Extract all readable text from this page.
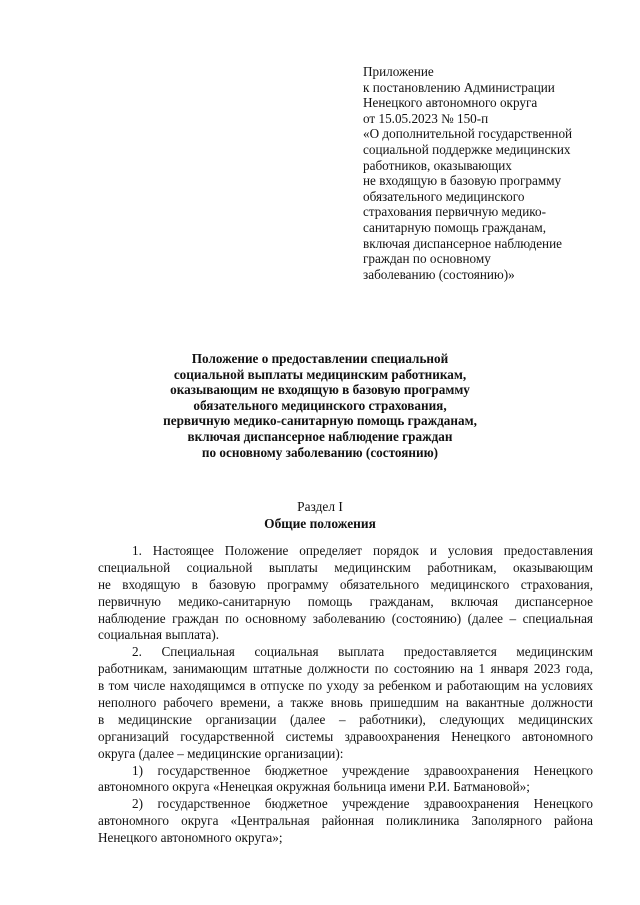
Приложение
к постановлению Администрации
Ненецкого автономного округа
от 15.05.2023 № 150-п
«О дополнительной государственной
социальной поддержке медицинских
работников, оказывающих
не входящую в базовую программу
обязательного медицинского
страхования первичную медико-
санитарную помощь гражданам,
включая диспансерное наблюдение
граждан по основному
заболеванию (состоянию)»
Положение о предоставлении специальной
социальной выплаты медицинским работникам,
оказывающим не входящую в базовую программу
обязательного медицинского страхования,
первичную медико-санитарную помощь гражданам,
включая диспансерное наблюдение граждан
по основному заболеванию (состоянию)
Раздел I
Общие положения
1. Настоящее Положение определяет порядок и условия предоставления
специальной социальной выплаты медицинским работникам, оказывающим
не входящую в базовую программу обязательного медицинского страхования,
первичную медико-санитарную помощь гражданам, включая диспансерное
наблюдение граждан по основному заболеванию (состоянию) (далее – специальная
социальная выплата).
2. Специальная социальная выплата предоставляется медицинским
работникам, занимающим штатные должности по состоянию на 1 января 2023 года,
в том числе находящимся в отпуске по уходу за ребенком и работающим на условиях
неполного рабочего времени, а также вновь пришедшим на вакантные должности
в медицинские организации (далее – работники), следующих медицинских
организаций государственной системы здравоохранения Ненецкого автономного
округа (далее – медицинские организации):
1) государственное бюджетное учреждение здравоохранения Ненецкого
автономного округа «Ненецкая окружная больница имени Р.И. Батмановой»;
2) государственное бюджетное учреждение здравоохранения Ненецкого
автономного округа «Центральная районная поликлиника Заполярного района
Ненецкого автономного округа»;
